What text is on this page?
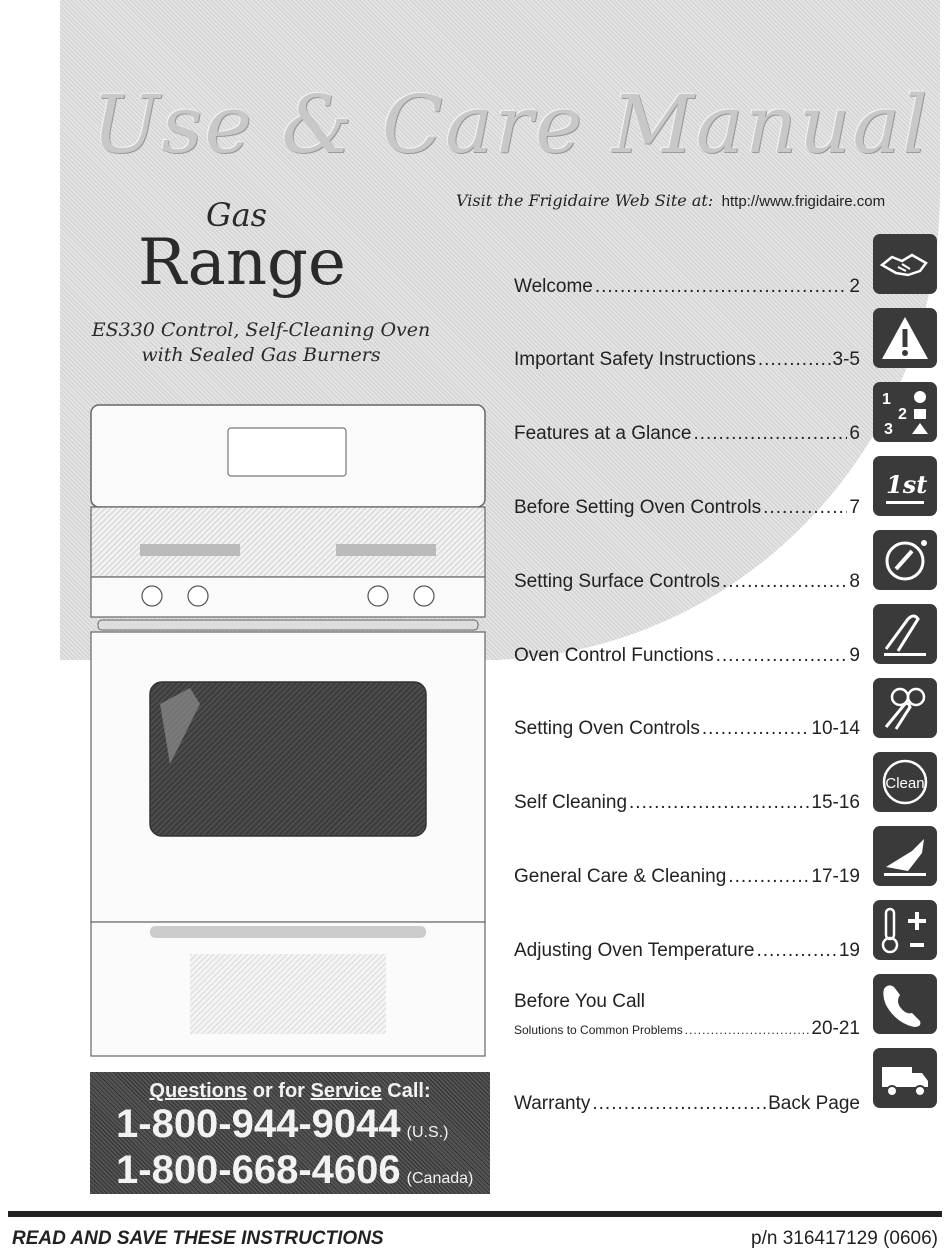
Use & Care Manual
Gas
Range
ES330 Control, Self-Cleaning Oven
with Sealed Gas Burners
Visit the Frigidaire Web Site at: http://www.frigidaire.com
Welcome .....	2
Important Safety Instructions .....	3-5
Features at a Glance .....	6
Before Setting Oven Controls .....	7
Setting Surface Controls .....	8
Oven Control Functions .....	9
Setting Oven Controls .....	10-14
Self Cleaning .....	15-16
General Care & Cleaning .....	17-19
Adjusting Oven Temperature .....	19
Before You Call
Solutions to Common Problems .....	20-21
Warranty .....	Back Page
1
2
3
1st
Clean
Questions or for Service Call:
1-800-944-9044 (U.S.)
1-800-668-4606 (Canada)
READ AND SAVE THESE INSTRUCTIONS	p/n 316417129 (0606)
